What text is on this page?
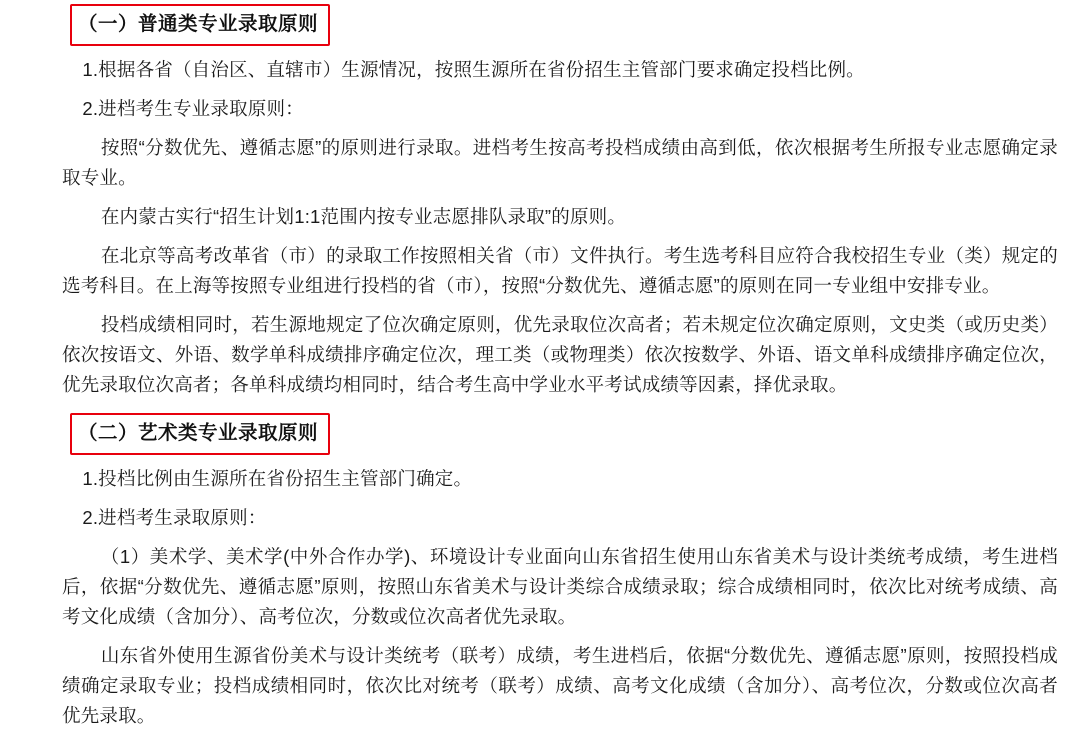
（一）普通类专业录取原则

1.根据各省（自治区、直辖市）生源情况，按照生源所在省份招生主管部门要求确定投档比例。

2.进档考生专业录取原则：

按照“分数优先、遵循志愿”的原则进行录取。进档考生按高考投档成绩由高到低，依次根据考生所报专业志愿确定录取专业。

在内蒙古实行“招生计划1:1范围内按专业志愿排队录取”的原则。

在北京等高考改革省（市）的录取工作按照相关省（市）文件执行。考生选考科目应符合我校招生专业（类）规定的选考科目。在上海等按照专业组进行投档的省（市），按照“分数优先、遵循志愿”的原则在同一专业组中安排专业。

投档成绩相同时，若生源地规定了位次确定原则，优先录取位次高者；若未规定位次确定原则，文史类（或历史类）依次按语文、外语、数学单科成绩排序确定位次，理工类（或物理类）依次按数学、外语、语文单科成绩排序确定位次，优先录取位次高者；各单科成绩均相同时，结合考生高中学业水平考试成绩等因素，择优录取。

（二）艺术类专业录取原则

1.投档比例由生源所在省份招生主管部门确定。

2.进档考生录取原则：

（1）美术学、美术学(中外合作办学)、环境设计专业面向山东省招生使用山东省美术与设计类统考成绩，考生进档后，依据“分数优先、遵循志愿”原则，按照山东省美术与设计类综合成绩录取；综合成绩相同时，依次比对统考成绩、高考文化成绩（含加分）、高考位次，分数或位次高者优先录取。

山东省外使用生源省份美术与设计类统考（联考）成绩，考生进档后，依据“分数优先、遵循志愿”原则，按照投档成绩确定录取专业；投档成绩相同时，依次比对统考（联考）成绩、高考文化成绩（含加分）、高考位次，分数或位次高者优先录取。
